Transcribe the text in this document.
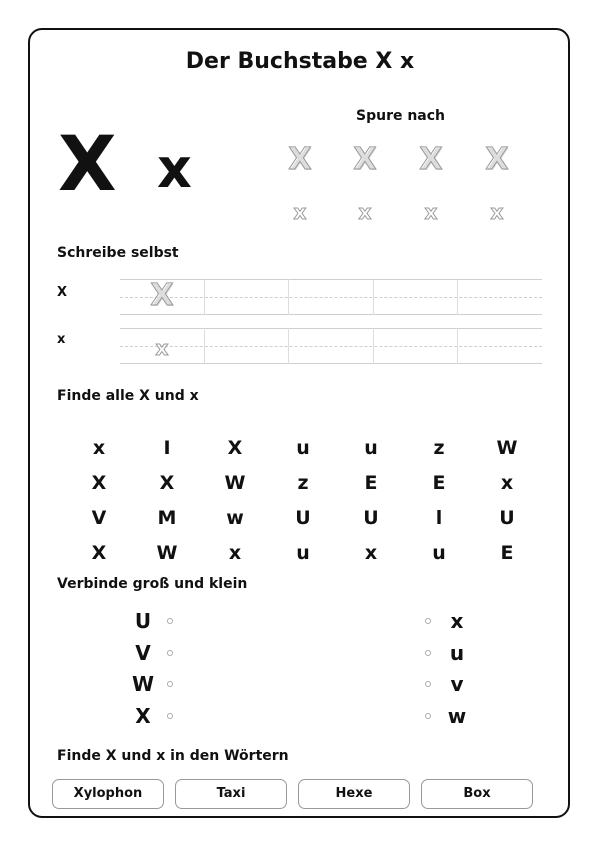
Der Buchstabe X x
X x
Spure nach
X X X X
x	x	x	x
Schreibe selbst
X	X
x	x
Finde alle X und x
x	I	X	u	u	z	W
X	X	W	z	E	E	x
V	M	w	U	U	l	U
X	W	x	u	x	u	E
Verbinde groß und klein
U
V
W
X
x
u
v
w
Finde X und x in den Wörtern
Xylophon	Taxi	Hexe	Box
